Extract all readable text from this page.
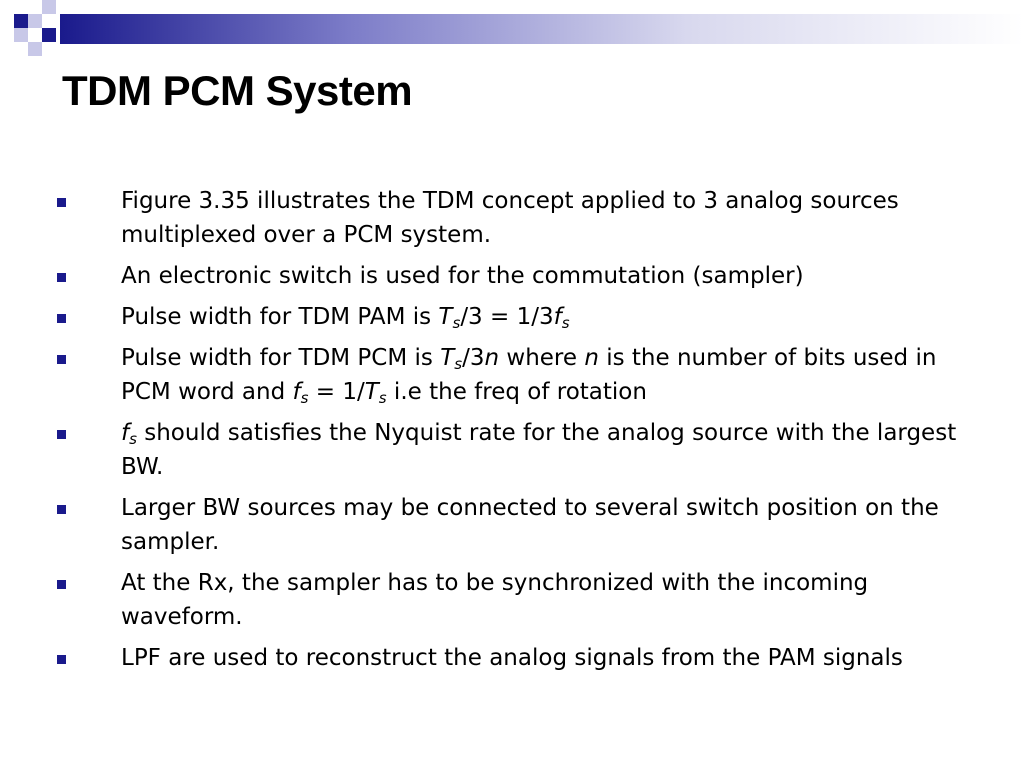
TDM PCM System
Figure 3.35 illustrates the TDM concept applied to 3 analog sources multiplexed over a PCM system.
An electronic switch is used for the commutation (sampler)
Pulse width for TDM PAM is $T_s/3 = 1/3f_s$
Pulse width for TDM PCM is $T_s/3n$ where n is the number of bits used in PCM word and $f_s = 1/T_s$ i.e the freq of rotation
$f_s$ should satisfies the Nyquist rate for the analog source with the largest BW.
Larger BW sources may be connected to several switch position on the sampler.
At the Rx, the sampler has to be synchronized with the incoming waveform.
LPF are used to reconstruct the analog signals from the PAM signals
